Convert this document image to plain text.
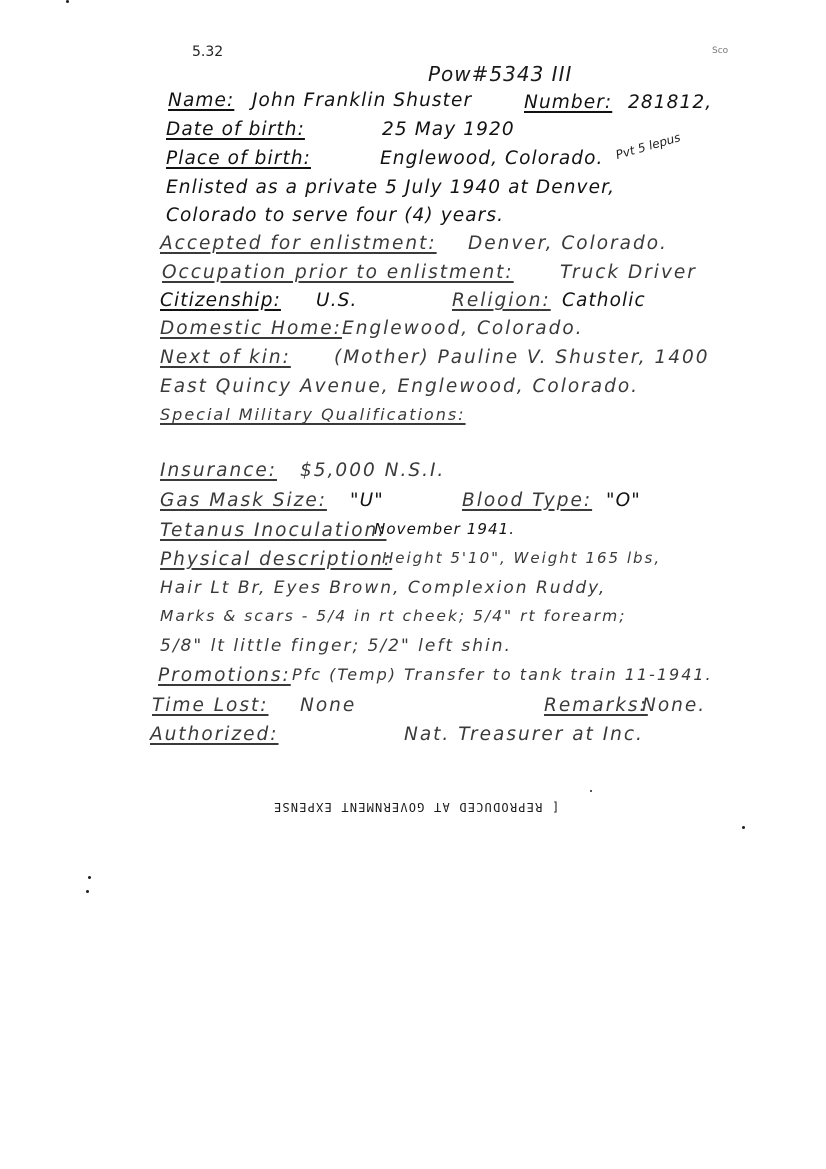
5.32	Sco
Pow#5343 III
Pvt 5 lepus
Name: John Franklin Shuster	Number: 281812,
Date of birth:	25 May 1920
Place of birth:	Englewood, Colorado.
Enlisted as a private 5 July 1940 at Denver,
Colorado to serve four (4) years.
Accepted for enlistment: Denver, Colorado.
Occupation prior to enlistment:	Truck Driver
Citizenship: U.S.	Religion: Catholic
Domestic Home: Englewood, Colorado.
Next of kin: (Mother) Pauline V. Shuster, 1400
East Quincy Avenue, Englewood, Colorado.
Special Military Qualifications:
Insurance: $5,000 N.S.I.
Gas Mask Size: "U"	Blood Type: "O"
Tetanus Inoculation:
November 1941.
Physical description:
Height 5'10", Weight 165 lbs,
Hair Lt Br, Eyes Brown, Complexion Ruddy,
Marks & scars - 5/4 in rt cheek; 5/4" rt forearm;
5/8" lt little finger; 5/2" left shin.
Promotions: Pfc (Temp) Transfer to tank train 11-1941.
Time Lost: None	Remarks:
None.
Authorized:	Nat. Treasurer at Inc.
[ REPRODUCED AT GOVERNMENT EXPENSE
